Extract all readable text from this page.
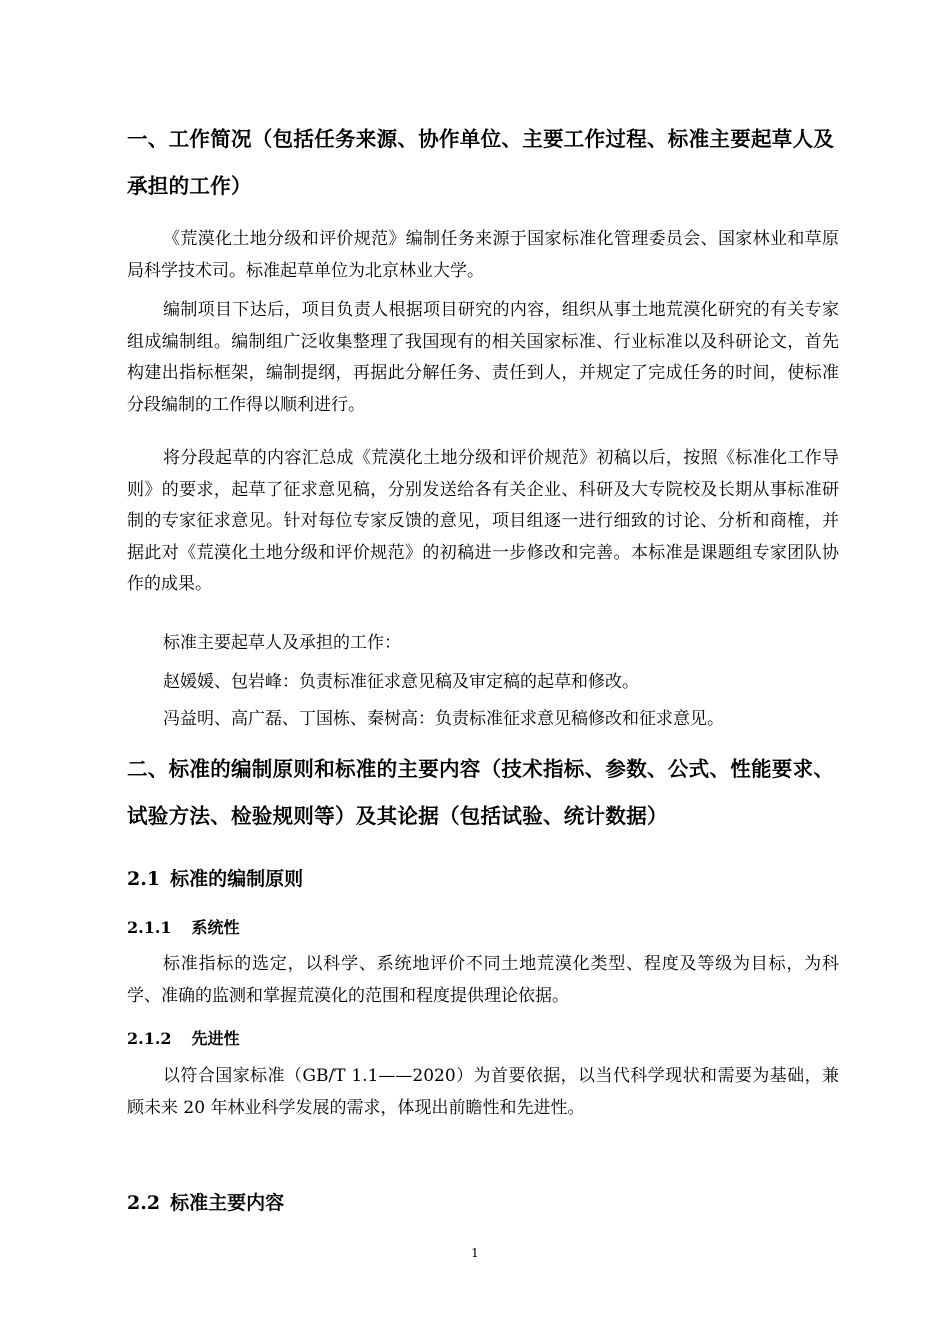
一、工作简况（包括任务来源、协作单位、主要工作过程、标准主要起草人及承担的工作）

《荒漠化土地分级和评价规范》编制任务来源于国家标准化管理委员会、国家林业和草原局科学技术司。标准起草单位为北京林业大学。

编制项目下达后，项目负责人根据项目研究的内容，组织从事土地荒漠化研究的有关专家组成编制组。编制组广泛收集整理了我国现有的相关国家标准、行业标准以及科研论文，首先构建出指标框架，编制提纲，再据此分解任务、责任到人，并规定了完成任务的时间，使标准分段编制的工作得以顺利进行。

将分段起草的内容汇总成《荒漠化土地分级和评价规范》初稿以后，按照《标准化工作导则》的要求，起草了征求意见稿，分别发送给各有关企业、科研及大专院校及长期从事标准研制的专家征求意见。针对每位专家反馈的意见，项目组逐一进行细致的讨论、分析和商榷，并据此对《荒漠化土地分级和评价规范》的初稿进一步修改和完善。本标准是课题组专家团队协作的成果。

标准主要起草人及承担的工作：

赵媛媛、包岩峰：负责标准征求意见稿及审定稿的起草和修改。

冯益明、高广磊、丁国栋、秦树高：负责标准征求意见稿修改和征求意见。

二、标准的编制原则和标准的主要内容（技术指标、参数、公式、性能要求、试验方法、检验规则等）及其论据（包括试验、统计数据）
2.1 标准的编制原则
2.1.1 系统性

标准指标的选定，以科学、系统地评价不同土地荒漠化类型、程度及等级为目标，为科学、准确的监测和掌握荒漠化的范围和程度提供理论依据。

2.1.2 先进性

以符合国家标准（GB/T 1.1——2020）为首要依据，以当代科学现状和需要为基础，兼顾未来 20 年林业科学发展的需求，体现出前瞻性和先进性。

2.2 标准主要内容
1
